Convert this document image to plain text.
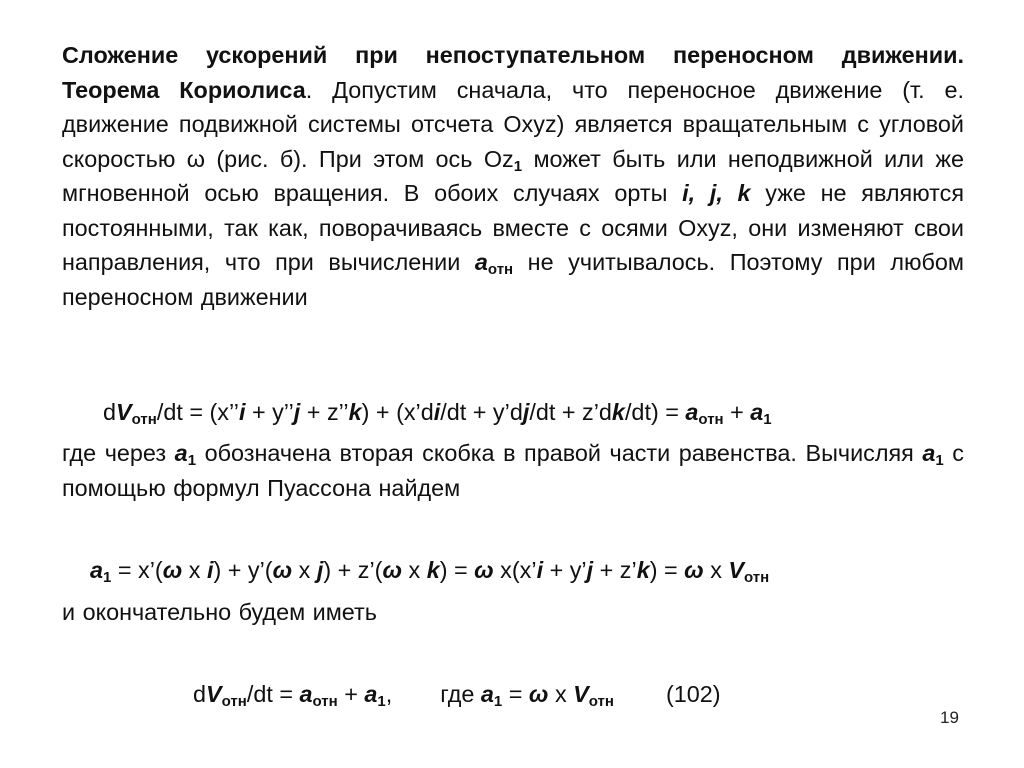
Сложение ускорений при непоступательном переносном движении. Теорема Кориолиса. Допустим сначала, что переносное движение (т. е. движение подвижной системы отсчета Oxyz) является вращательным с угловой скоростью ω (рис. б). При этом ось $Oz_1$ может быть или неподвижной или же мгновенной осью вращения. В обоих случаях орты i, j, k уже не являются постоянными, так как, поворачиваясь вместе с осями Oxyz, они изменяют свои направления, что при вычислении $a_{отн}$ не учитывалось. Поэтому при любом переносном движении
$dV_{отн}/dt$ = (x’’i + y’’j + z’’k) + (x’di/dt + y’dj/dt + z’dk/dt) = $a_{отн} + a_1$
где через $a_1$ обозначена вторая скобка в правой части равенства. Вычисляя $a_1$ с помощью формул Пуассона найдем
$a_1$ = x’(ω x i) + y’(ω x j) + z’(ω x k) = ω x(x’i + y’j + z’k) = ω x $V_{отн}$
и окончательно будем иметь
$dV_{отн}/dt = a_{отн} + a_1$, где $a_1 = \omega$ x $V_{отн}$ (102)
19
